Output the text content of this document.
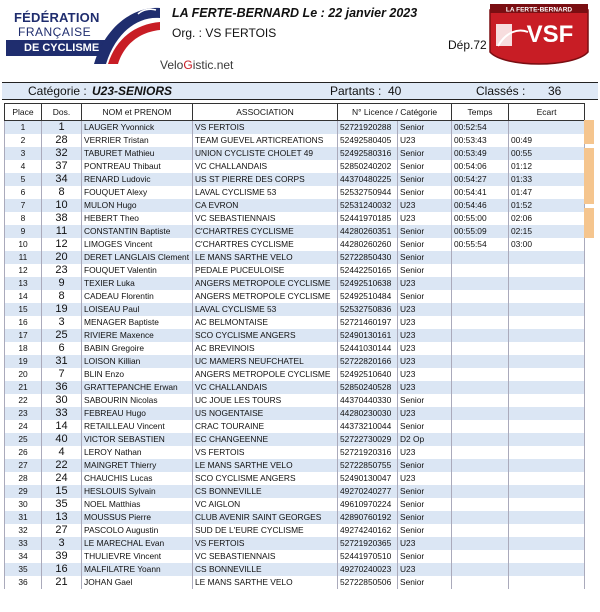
FÉDÉRATION
FRANÇAISE
DE CYCLISME
LA FERTE-BERNARD Le : 22 janvier 2023
Org. : VS FERTOIS
Dép.72
VeloGistic.net
LA FERTE-BERNARD
VSF
Catégorie : U23-SENIORS	Partants : 40	Classés : 36
Place	Dos.	NOM et PRENOM	ASSOCIATION	N° Licence / Catégorie		Temps	Ecart
1	1	LAUGER Yvonnick	VS FERTOIS	52721920288	Senior	00:52:54	
2	28	VERRIER Tristan	TEAM GUEVEL ARTICREATIONS	52492580405	U23	00:53:43	00:49
3	32	TABURET Mathieu	UNION CYCLISTE CHOLET 49	52492580316	Senior	00:53:49	00:55
4	37	PONTREAU Thibaut	VC CHALLANDAIS	52850240202	Senior	00:54:06	01:12
5	34	RENARD Ludovic	US ST PIERRE DES CORPS	44370480225	Senior	00:54:27	01:33
6	8	FOUQUET Alexy	LAVAL CYCLISME 53	52532750944	Senior	00:54:41	01:47
7	10	MULON Hugo	CA EVRON	52531240032	U23	00:54:46	01:52
8	38	HEBERT Theo	VC SEBASTIENNAIS	52441970185	U23	00:55:00	02:06
9	11	CONSTANTIN Baptiste	C'CHARTRES CYCLISME	44280260351	Senior	00:55:09	02:15
10	12	LIMOGES Vincent	C'CHARTRES CYCLISME	44280260260	Senior	00:55:54	03:00
11	20	DERET LANGLAIS Clement	LE MANS SARTHE VELO	52722850430	Senior		
12	23	FOUQUET Valentin	PEDALE PUCEULOISE	52442250165	Senior		
13	9	TEXIER Luka	ANGERS METROPOLE CYCLISME	52492510638	U23		
14	8	CADEAU Florentin	ANGERS METROPOLE CYCLISME	52492510484	Senior		
15	19	LOISEAU Paul	LAVAL CYCLISME 53	52532750836	U23		
16	3	MENAGER Baptiste	AC BELMONTAISE	52721460197	U23		
17	25	RIVIERE Maxence	SCO CYCLISME ANGERS	52490130161	U23		
18	6	BABIN Gregoire	AC BREVINOIS	52441030144	U23		
19	31	LOISON Killian	UC MAMERS NEUFCHATEL	52722820166	U23		
20	7	BLIN Enzo	ANGERS METROPOLE CYCLISME	52492510640	U23		
21	36	GRATTEPANCHE Erwan	VC CHALLANDAIS	52850240528	U23		
22	30	SABOURIN Nicolas	UC JOUE LES TOURS	44370440330	Senior		
23	33	FEBREAU Hugo	US NOGENTAISE	44280230030	U23		
24	14	RETAILLEAU Vincent	CRAC TOURAINE	44373210044	Senior		
25	40	VICTOR SEBASTIEN	EC CHANGEENNE	52722730029	D2 Op		
26	4	LEROY Nathan	VS FERTOIS	52721920316	U23		
27	22	MAINGRET Thierry	LE MANS SARTHE VELO	52722850755	Senior		
28	24	CHAUCHIS Lucas	SCO CYCLISME ANGERS	52490130047	U23		
29	15	HESLOUIS Sylvain	CS BONNEVILLE	49270240277	Senior		
30	35	NOEL Matthias	VC AIGLON	49610970224	Senior		
31	13	MOUSSUS Pierre	CLUB AVENIR SAINT GEORGES	42890760192	Senior		
32	27	PASCOLO Augustin	SUD DE L'EURE CYCLISME	49274240162	Senior		
33	3	LE MARECHAL Evan	VS FERTOIS	52721920365	U23		
34	39	THULIEVRE Vincent	VC SEBASTIENNAIS	52441970510	Senior		
35	16	MALFILATRE Yoann	CS BONNEVILLE	49270240023	U23		
36	21	JOHAN Gael	LE MANS SARTHE VELO	52722850506	Senior		
